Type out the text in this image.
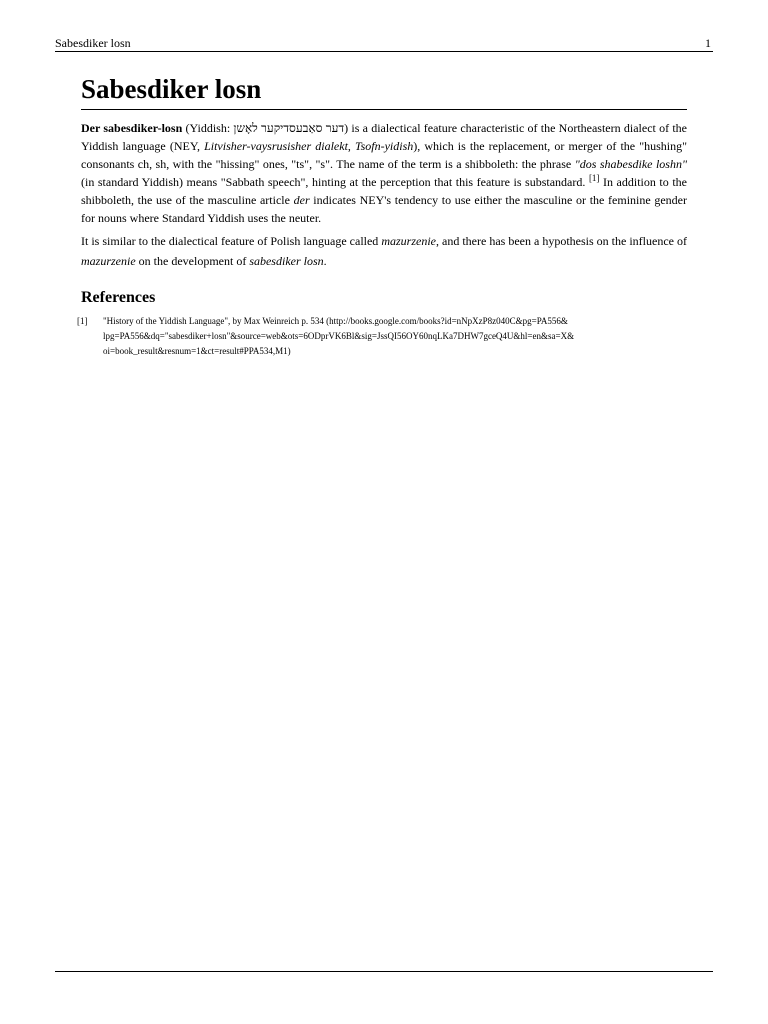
Sabesdiker losn	1
Sabesdiker losn

Der sabesdiker-losn (Yiddish: דער סאַבעסדיקער לאָשן) is a dialectical feature characteristic of the Northeastern dialect of the Yiddish language (NEY, Litvisher-vaysrusisher dialekt, Tsofn-yidish), which is the replacement, or merger of the "hushing" consonants ch, sh, with the "hissing" ones, "ts", "s". The name of the term is a shibboleth: the phrase "dos shabesdike loshn" (in standard Yiddish) means "Sabbath speech", hinting at the perception that this feature is substandard. [1] In addition to the shibboleth, the use of the masculine article der indicates NEY's tendency to use either the masculine or the feminine gender for nouns where Standard Yiddish uses the neuter.

It is similar to the dialectical feature of Polish language called mazurzenie, and there has been a hypothesis on the influence of mazurzenie on the development of sabesdiker losn.

References
[1] "History of the Yiddish Language", by Max Weinreich p. 534 (http://books.google.com/books?id=nNpXzP8z040C&pg=PA556&
lpg=PA556&dq="sabesdiker+losn"&source=web&ots=6ODprVK6Bl&sig=JssQI56OY60nqLKa7DHW7gceQ4U&hl=en&sa=X&
oi=book_result&resnum=1&ct=result#PPA534,M1)
